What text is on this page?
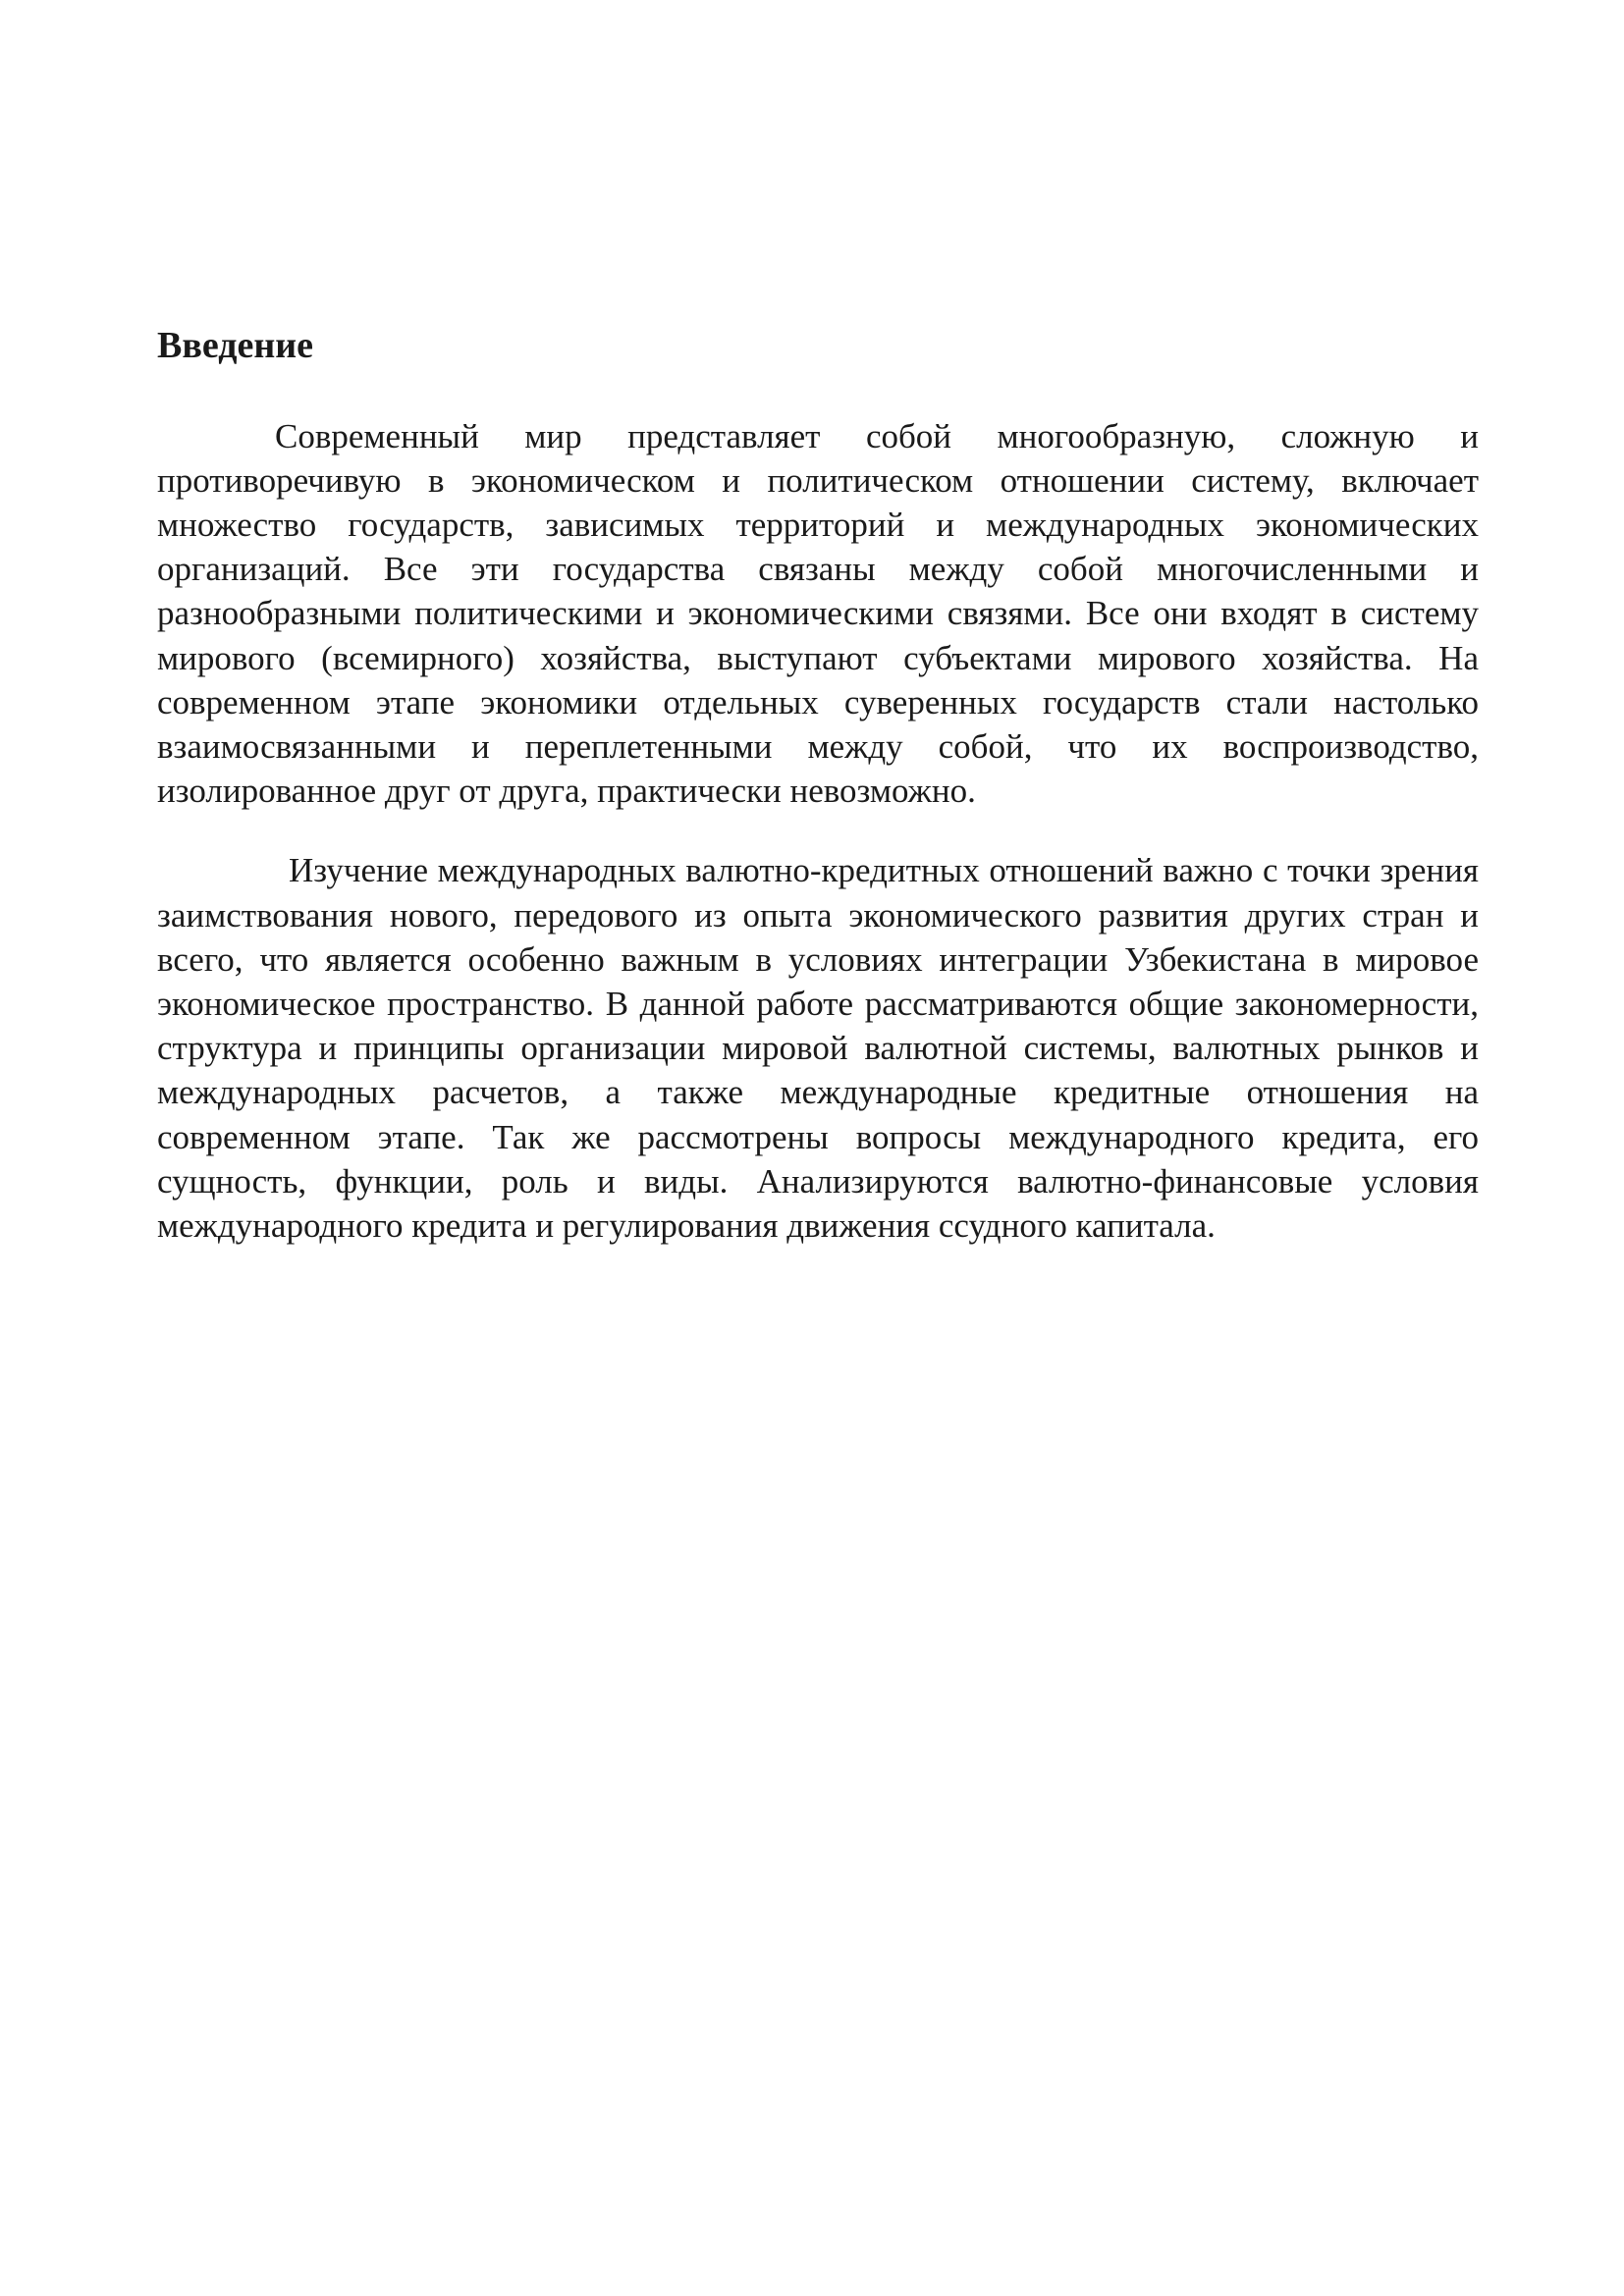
Введение

Современный мир представляет собой многообразную, сложную и противоречивую в экономическом и политическом отношении систему, включает множество государств, зависимых территорий и международных экономических организаций. Все эти государства связаны между собой многочисленными и разнообразными политическими и экономическими связями. Все они входят в систему мирового (всемирного) хозяйства, выступают субъектами мирового хозяйства. На современном этапе экономики отдельных суверенных государств стали настолько взаимосвязанными и переплетенными между собой, что их воспроизводство, изолированное друг от друга, практически невозможно.

Изучение международных валютно-кредитных отношений важно с точки зрения заимствования нового, передового из опыта экономического развития других стран и всего, что является особенно важным в условиях интеграции Узбекистана в мировое экономическое пространство. В данной работе рассматриваются общие закономерности, структура и принципы организации мировой валютной системы, валютных рынков и международных расчетов, а также международные кредитные отношения на современном этапе. Так же рассмотрены вопросы международного кредита, его сущность, функции, роль и виды. Анализируются валютно-финансовые условия международного кредита и регулирования движения ссудного капитала.
